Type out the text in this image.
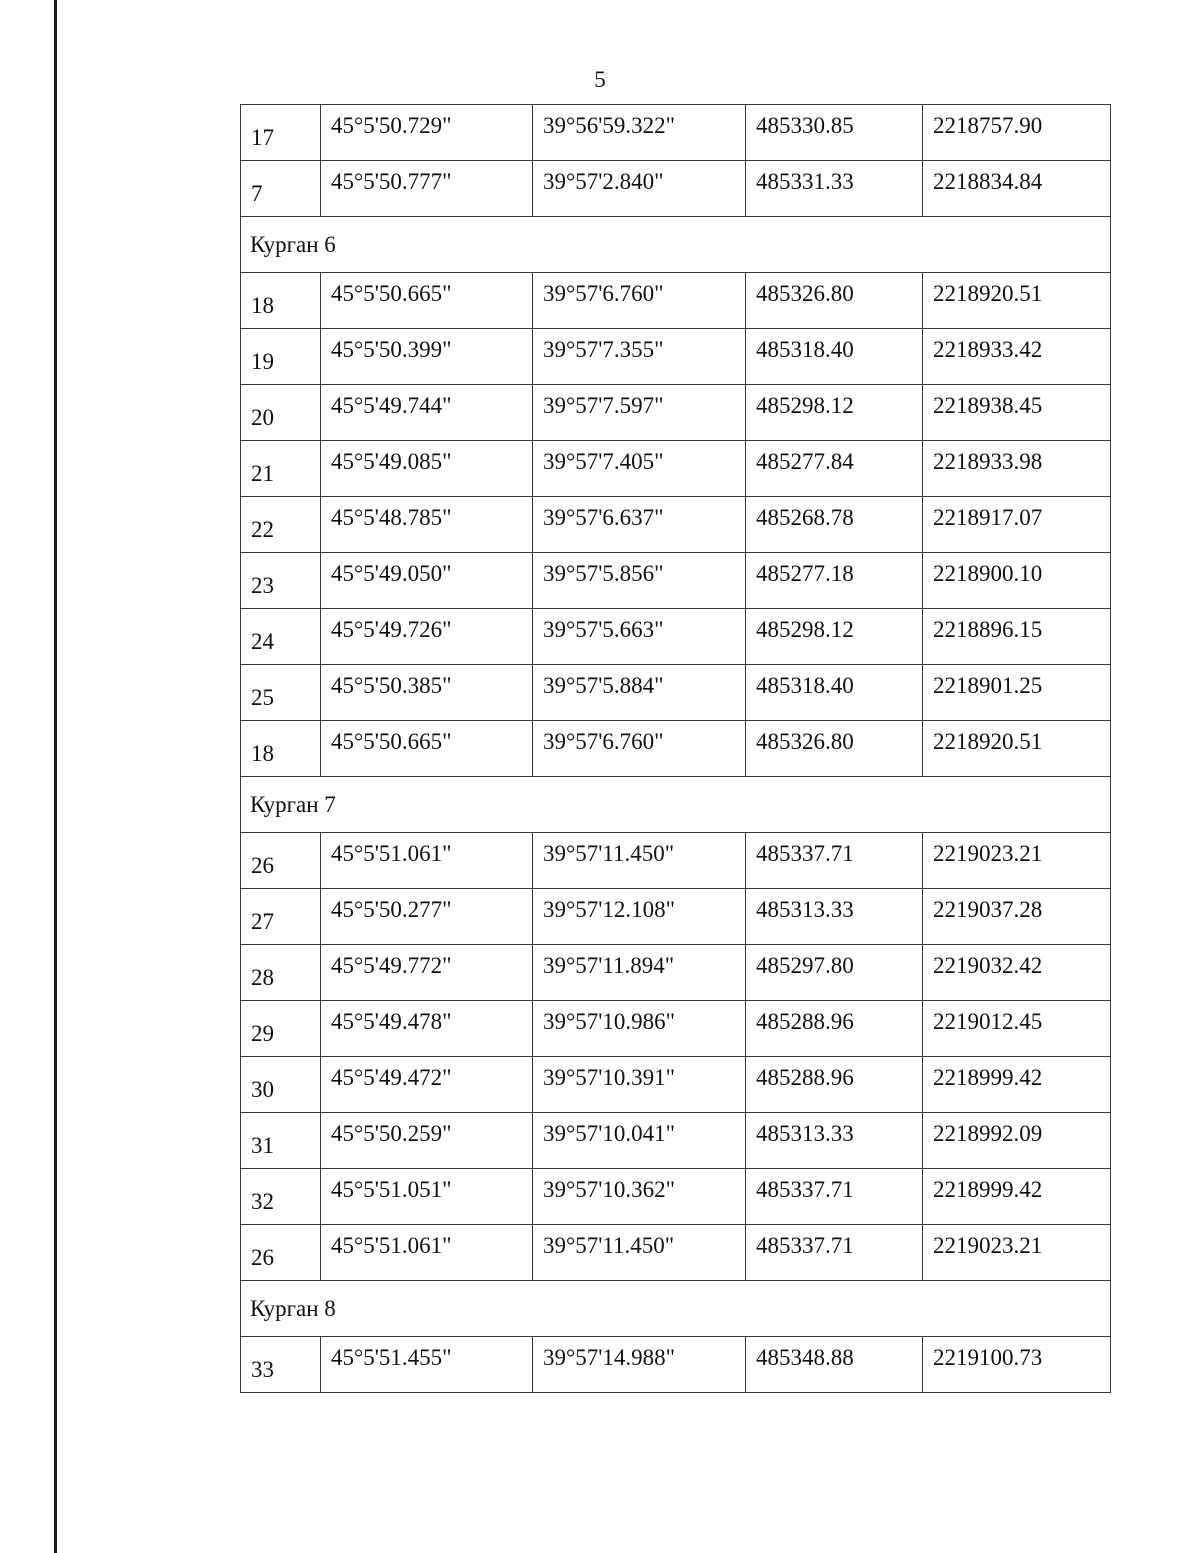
5
17	45°5'50.729"	39°56'59.322"	485330.85	2218757.90
7	45°5'50.777"	39°57'2.840"	485331.33	2218834.84
Курган 6				
18	45°5'50.665"	39°57'6.760"	485326.80	2218920.51
19	45°5'50.399"	39°57'7.355"	485318.40	2218933.42
20	45°5'49.744"	39°57'7.597"	485298.12	2218938.45
21	45°5'49.085"	39°57'7.405"	485277.84	2218933.98
22	45°5'48.785"	39°57'6.637"	485268.78	2218917.07
23	45°5'49.050"	39°57'5.856"	485277.18	2218900.10
24	45°5'49.726"	39°57'5.663"	485298.12	2218896.15
25	45°5'50.385"	39°57'5.884"	485318.40	2218901.25
18	45°5'50.665"	39°57'6.760"	485326.80	2218920.51
Курган 7				
26	45°5'51.061"	39°57'11.450"	485337.71	2219023.21
27	45°5'50.277"	39°57'12.108"	485313.33	2219037.28
28	45°5'49.772"	39°57'11.894"	485297.80	2219032.42
29	45°5'49.478"	39°57'10.986"	485288.96	2219012.45
30	45°5'49.472"	39°57'10.391"	485288.96	2218999.42
31	45°5'50.259"	39°57'10.041"	485313.33	2218992.09
32	45°5'51.051"	39°57'10.362"	485337.71	2218999.42
26	45°5'51.061"	39°57'11.450"	485337.71	2219023.21
Курган 8				
33	45°5'51.455"	39°57'14.988"	485348.88	2219100.73
